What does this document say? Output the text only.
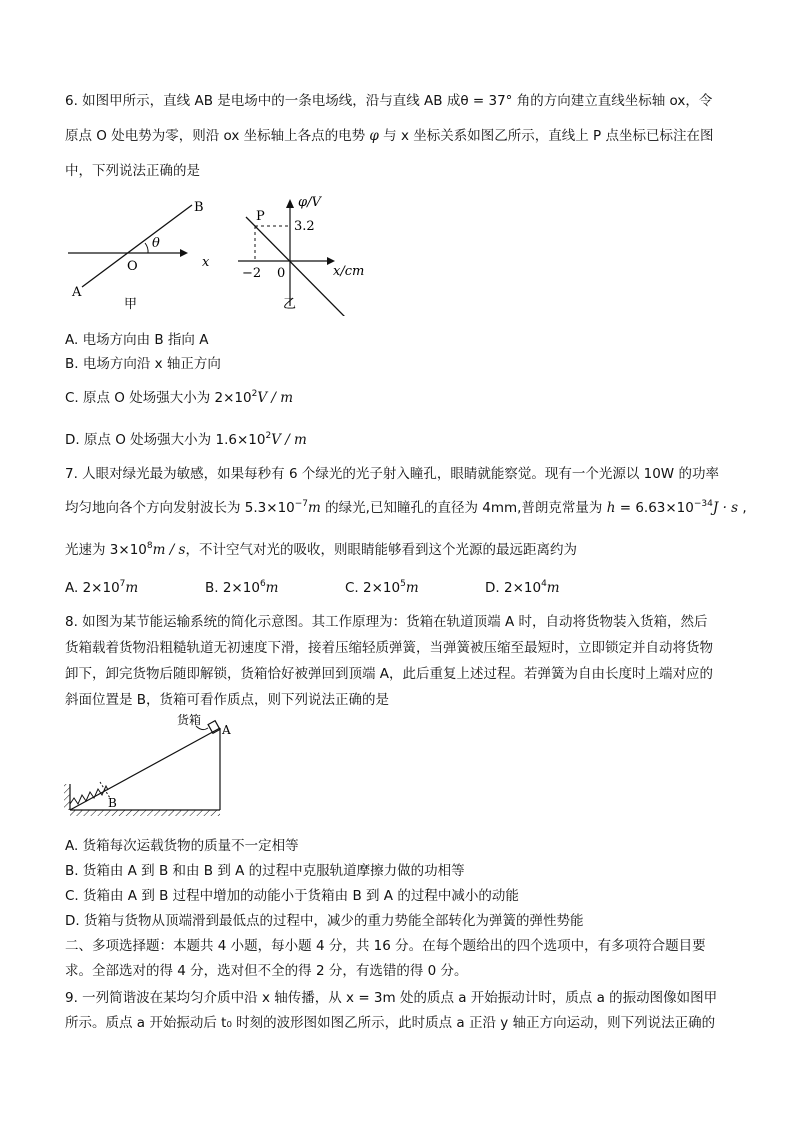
6. 如图甲所示，直线 AB 是电场中的一条电场线，沿与直线 AB 成θ = 37° 角的方向建立直线坐标轴 ox，令
原点 O 处电势为零，则沿 ox 坐标轴上各点的电势 φ 与 x 坐标关系如图乙所示，直线上 P 点坐标已标注在图
中，下列说法正确的是
θ
B
A
O	x
甲
φ/V
P
3.2
−2 0	x/cm
乙
A. 电场方向由 B 指向 A
B. 电场方向沿 x 轴正方向
C. 原点 O 处场强大小为 $2\times 10^2V / m$
D. 原点 O 处场强大小为 $1.6\times 10^2V / m$
7. 人眼对绿光最为敏感，如果每秒有 6 个绿光的光子射入瞳孔，眼睛就能察觉。现有一个光源以 10W 的功率
均匀地向各个方向发射波长为 $5.3\times 10^{-7}m$ 的绿光,已知瞳孔的直径为 4mm,普朗克常量为 $h = 6.63\times 10^{-34}J \cdot s$ ,
光速为 $3\times 10^8m / s$，不计空气对光的吸收，则眼睛能够看到这个光源的最远距离约为
A. $2\times 10^7m$	B. $2\times 10^6m$	C. $2\times 10^5m$	D. $2\times 10^4m$
8. 如图为某节能运输系统的简化示意图。其工作原理为：货箱在轨道顶端 A 时，自动将货物装入货箱，然后
货箱载着货物沿粗糙轨道无初速度下滑，接着压缩轻质弹簧，当弹簧被压缩至最短时，立即锁定并自动将货物
卸下，卸完货物后随即解锁，货箱恰好被弹回到顶端 A，此后重复上述过程。若弹簧为自由长度时上端对应的
斜面位置是 B，货箱可看作质点，则下列说法正确的是
货箱
A
B
A. 货箱每次运载货物的质量不一定相等
B. 货箱由 A 到 B 和由 B 到 A 的过程中克服轨道摩擦力做的功相等
C. 货箱由 A 到 B 过程中增加的动能小于货箱由 B 到 A 的过程中减小的动能
D. 货箱与货物从顶端滑到最低点的过程中，减少的重力势能全部转化为弹簧的弹性势能
二、多项选择题：本题共 4 小题，每小题 4 分，共 16 分。在每个题给出的四个选项中，有多项符合题目要
求。全部选对的得 4 分，选对但不全的得 2 分，有选错的得 0 分。
9. 一列简谐波在某均匀介质中沿 x 轴传播，从 x = 3m 处的质点 a 开始振动计时，质点 a 的振动图像如图甲
所示。质点 a 开始振动后 t₀ 时刻的波形图如图乙所示，此时质点 a 正沿 y 轴正方向运动，则下列说法正确的
